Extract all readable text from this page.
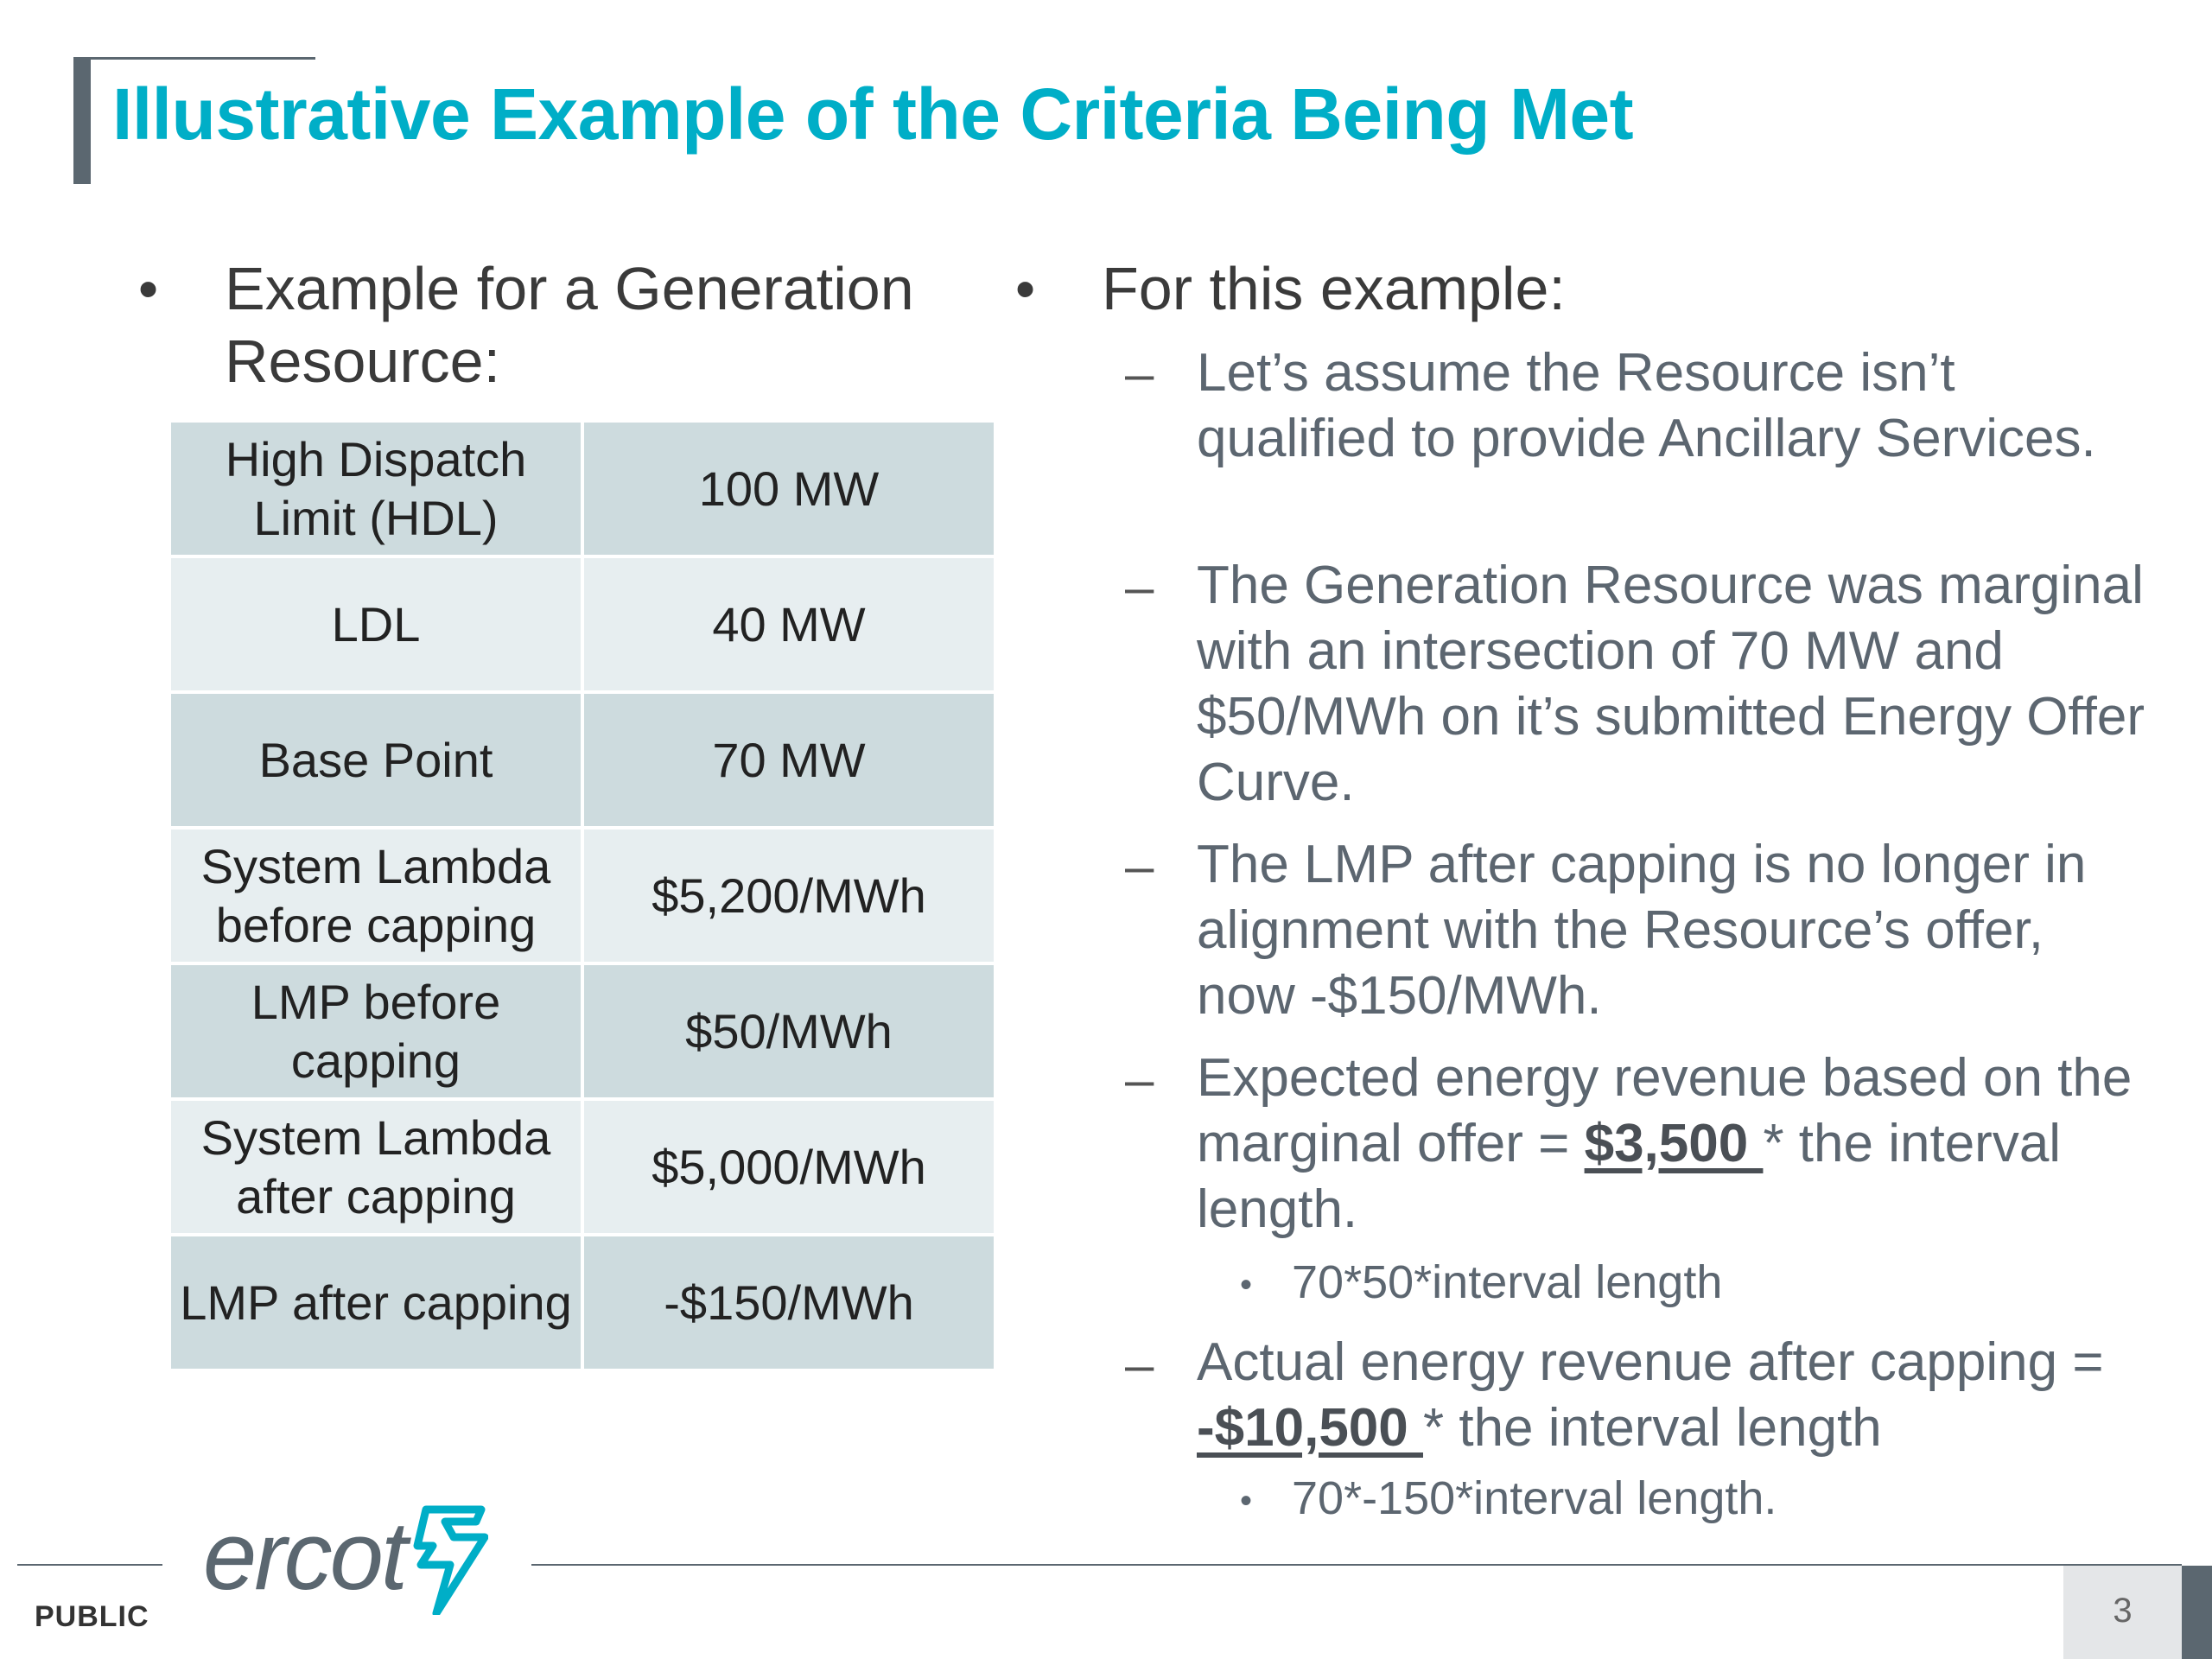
Illustrative Example of the Criteria Being Met
• Example for a Generation Resource:
High Dispatch Limit (HDL)	100 MW
LDL	40 MW
Base Point	70 MW
System Lambda before capping	$5,200/MWh
LMP before capping	$50/MWh
System Lambda after capping	$5,000/MWh
LMP after capping	-$150/MWh
• For this example:
– Let’s assume the Resource isn’t qualified to provide Ancillary Services.
– The Generation Resource was marginal with an intersection of 70 MW and $50/MWh on it’s submitted Energy Offer Curve.
– The LMP after capping is no longer in alignment with the Resource’s offer, now -$150/MWh.
– Expected energy revenue based on the marginal offer = $3,500 * the interval length.
• 70*50*interval length
– Actual energy revenue after capping = -$10,500 * the interval length
• 70*-150*interval length.
ercot
PUBLIC	3
